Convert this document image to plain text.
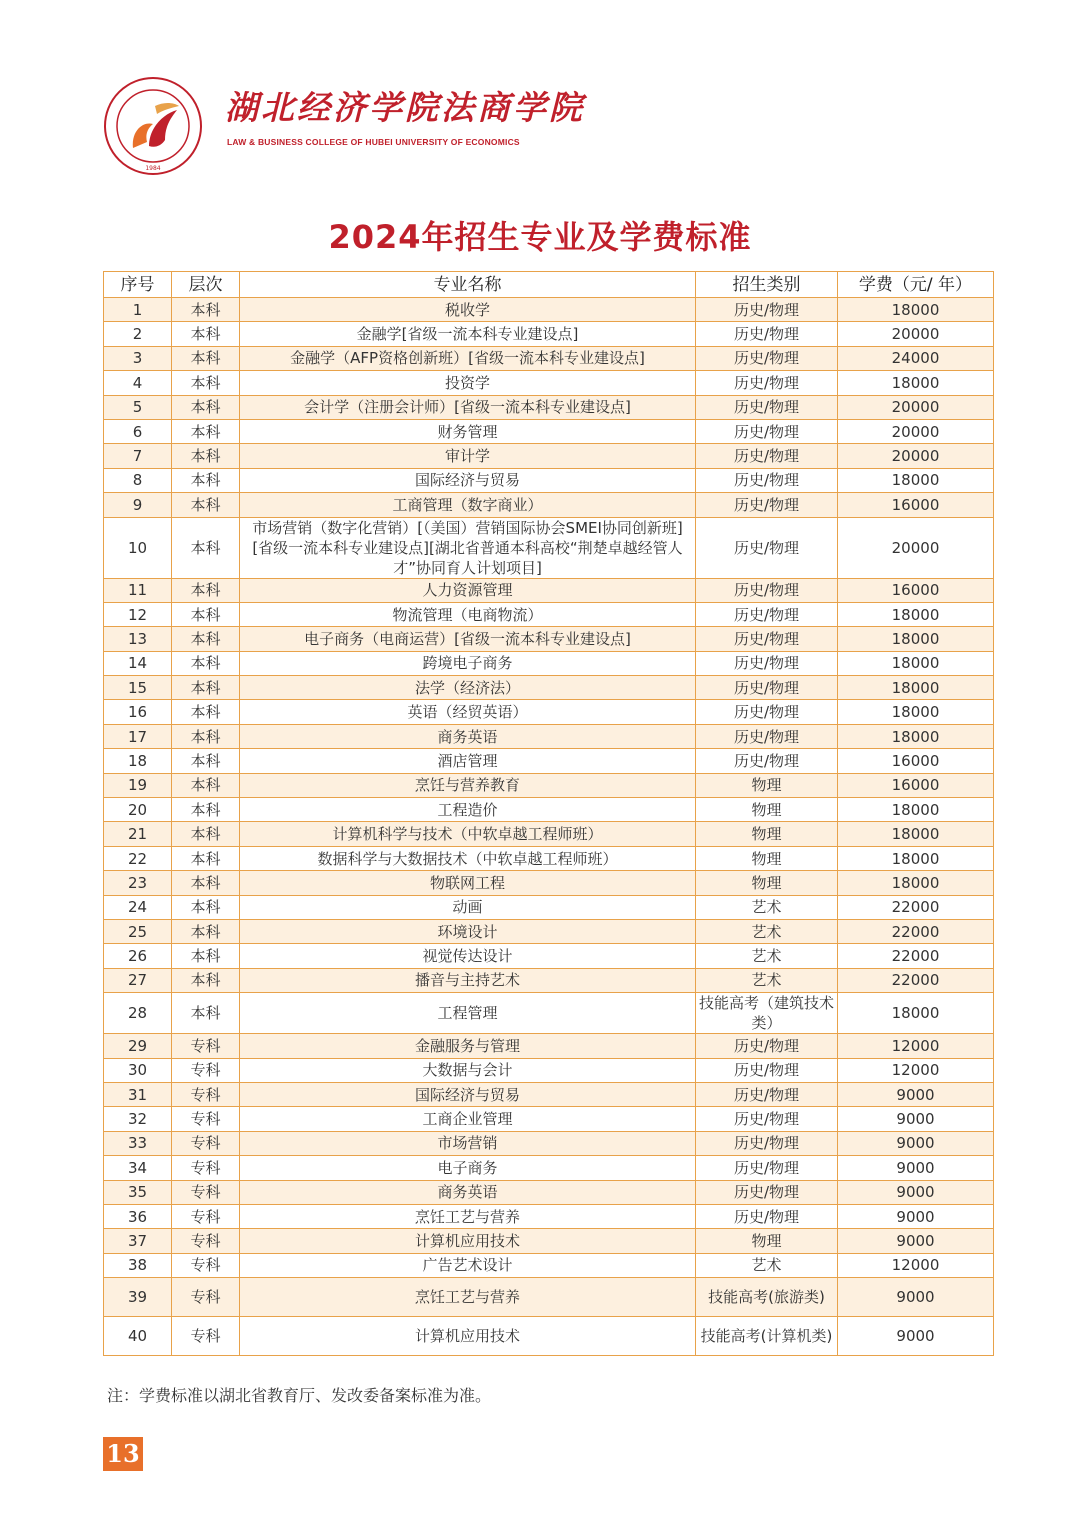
1984
湖北经济学院法商学院
LAW & BUSINESS COLLEGE OF HUBEI UNIVERSITY OF ECONOMICS
2024年招生专业及学费标准
序号	层次	专业名称	招生类别	学费（元/ 年）
1	本科	税收学	历史/物理	18000
2	本科	金融学[省级一流本科专业建设点]	历史/物理	20000
3	本科	金融学（AFP资格创新班）[省级一流本科专业建设点]	历史/物理	24000
4	本科	投资学	历史/物理	18000
5	本科	会计学（注册会计师）[省级一流本科专业建设点]	历史/物理	20000
6	本科	财务管理	历史/物理	20000
7	本科	审计学	历史/物理	20000
8	本科	国际经济与贸易	历史/物理	18000
9	本科	工商管理（数字商业）	历史/物理	16000
10	本科	市场营销（数字化营销）[（美国）营销国际协会SMEI协同创新班][省级一流本科专业建设点][湖北省普通本科高校“荆楚卓越经管人才”协同育人计划项目]	历史/物理	20000
11	本科	人力资源管理	历史/物理	16000
12	本科	物流管理（电商物流）	历史/物理	18000
13	本科	电子商务（电商运营）[省级一流本科专业建设点]	历史/物理	18000
14	本科	跨境电子商务	历史/物理	18000
15	本科	法学（经济法）	历史/物理	18000
16	本科	英语（经贸英语）	历史/物理	18000
17	本科	商务英语	历史/物理	18000
18	本科	酒店管理	历史/物理	16000
19	本科	烹饪与营养教育	物理	16000
20	本科	工程造价	物理	18000
21	本科	计算机科学与技术（中软卓越工程师班）	物理	18000
22	本科	数据科学与大数据技术（中软卓越工程师班）	物理	18000
23	本科	物联网工程	物理	18000
24	本科	动画	艺术	22000
25	本科	环境设计	艺术	22000
26	本科	视觉传达设计	艺术	22000
27	本科	播音与主持艺术	艺术	22000
28	本科	工程管理	技能高考（建筑技术类）	18000
29	专科	金融服务与管理	历史/物理	12000
30	专科	大数据与会计	历史/物理	12000
31	专科	国际经济与贸易	历史/物理	9000
32	专科	工商企业管理	历史/物理	9000
33	专科	市场营销	历史/物理	9000
34	专科	电子商务	历史/物理	9000
35	专科	商务英语	历史/物理	9000
36	专科	烹饪工艺与营养	历史/物理	9000
37	专科	计算机应用技术	物理	9000
38	专科	广告艺术设计	艺术	12000
39	专科	烹饪工艺与营养	技能高考(旅游类)	9000
40	专科	计算机应用技术	技能高考(计算机类)	9000
注：学费标准以湖北省教育厅、发改委备案标准为准。
13
